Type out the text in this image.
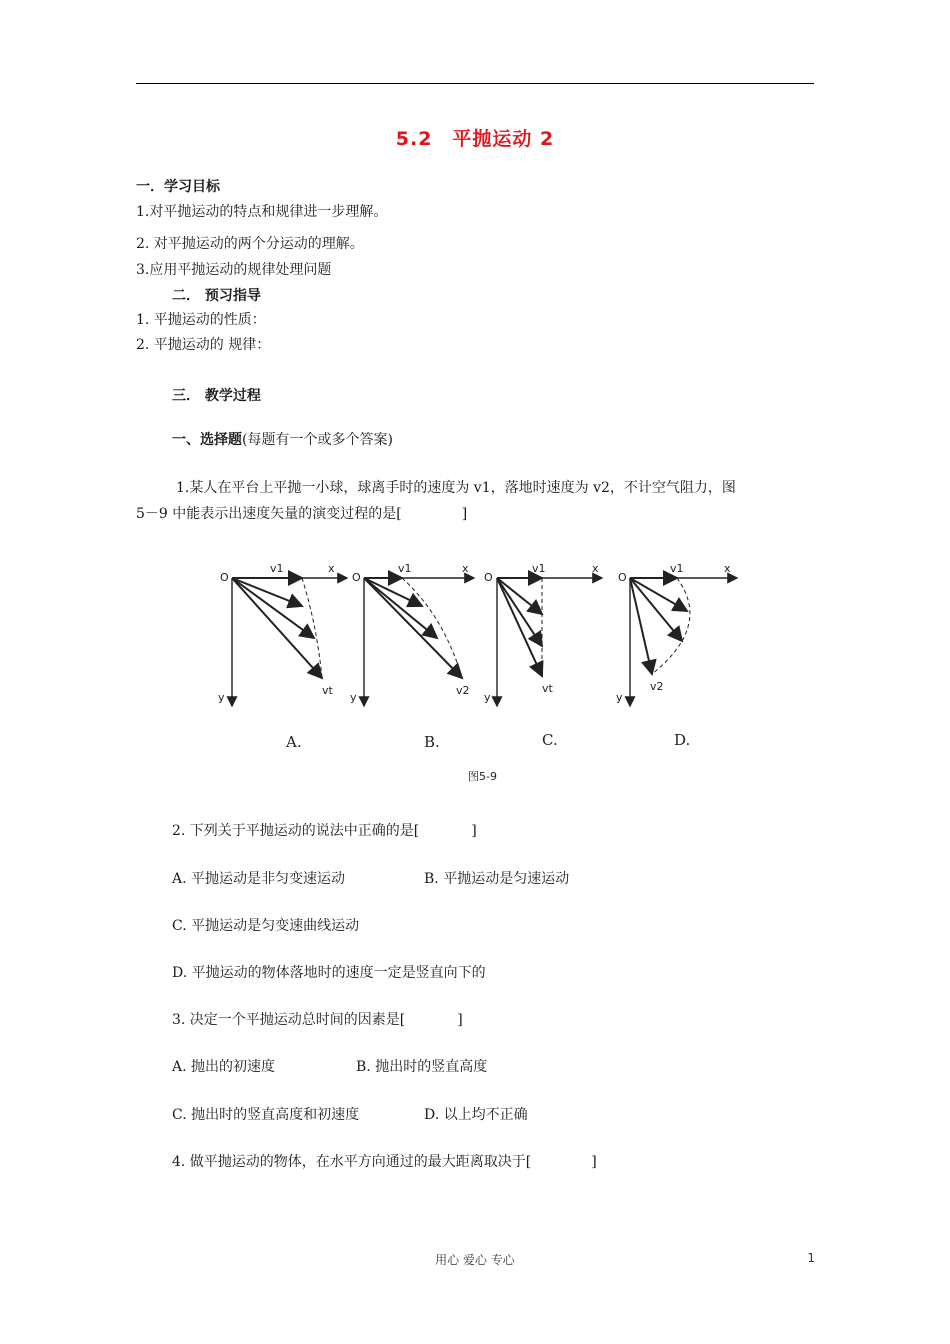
5.2　平抛运动 2
一．学习目标
1.对平抛运动的特点和规律进一步理解。
2. 对平抛运动的两个分运动的理解。
3.应用平抛运动的规律处理问题
二． 预习指导
1. 平抛运动的性质：
2. 平抛运动的 规律：
三． 教学过程
一、选择题(每题有一个或多个答案)
1.某人在平台上平抛一小球，球离手时的速度为 v1，落地时速度为 v2，不计空气阻力，图
5－9 中能表示出速度矢量的演变过程的是[	]
O
v1	x
y
vt
O
v1	x
y
v2
O
v1	x
y
vt
O
v1	x
y
v2
A.	B.	C.	D.
图5-9
2. 下列关于平抛运动的说法中正确的是[	]
A. 平抛运动是非匀变速运动	B. 平抛运动是匀速运动
C. 平抛运动是匀变速曲线运动
D. 平抛运动的物体落地时的速度一定是竖直向下的
3. 决定一个平抛运动总时间的因素是[	]
A. 抛出的初速度	B. 抛出时的竖直高度
C. 抛出时的竖直高度和初速度	D. 以上均不正确
4. 做平抛运动的物体，在水平方向通过的最大距离取决于[	]
用心 爱心 专心	1
